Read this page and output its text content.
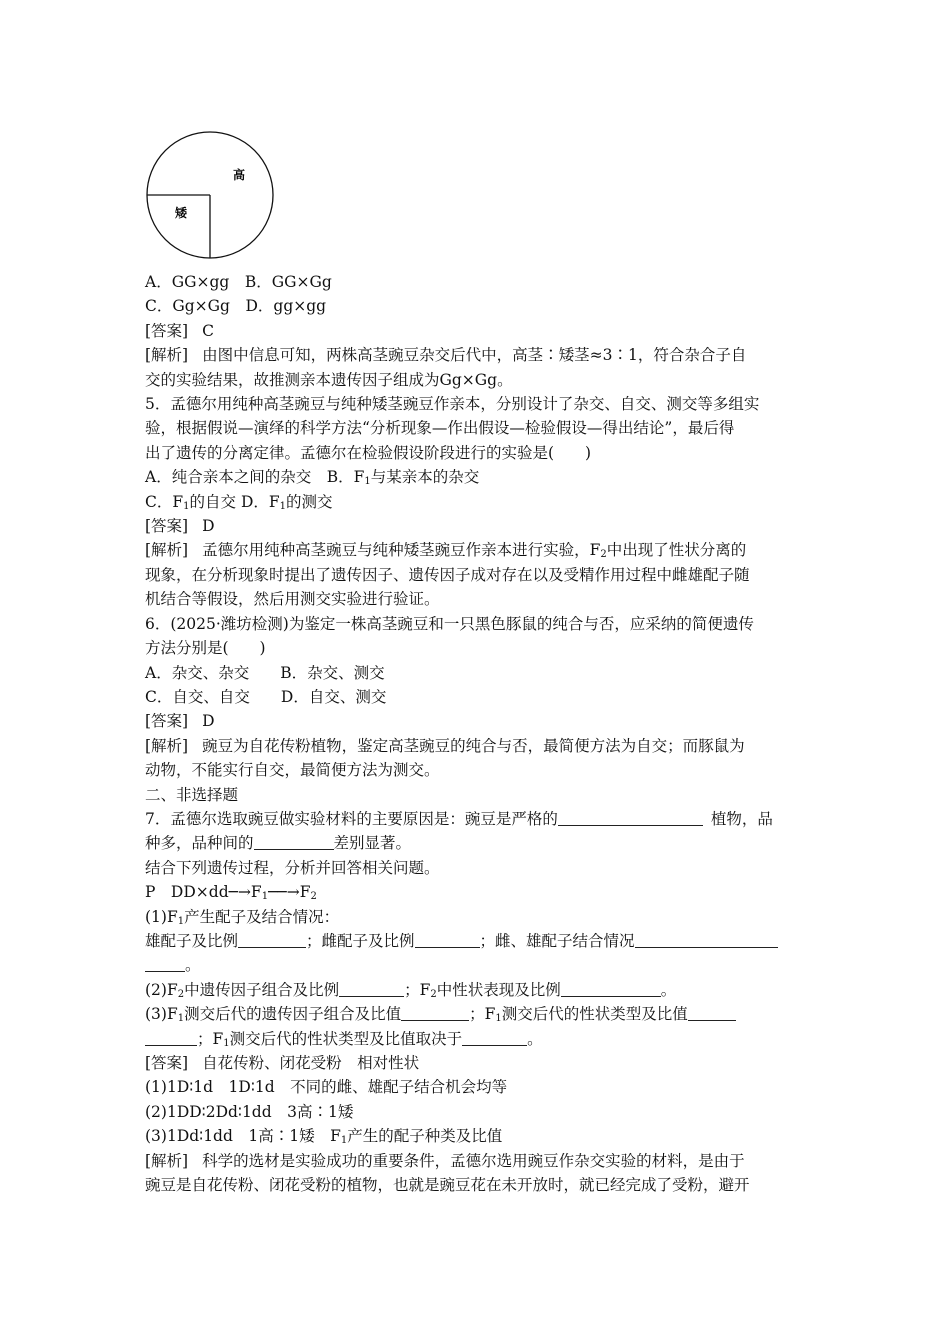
高
矮
A．GG×gg　 B．GG×Gg
C．Gg×Gg　 D．gg×gg
[答案] C
[解析] 由图中信息可知，两株高茎豌豆杂交后代中，高茎∶矮茎≈3∶1，符合杂合子自
交的实验结果，故推测亲本遗传因子组成为Gg×Gg。
5．孟德尔用纯种高茎豌豆与纯种矮茎豌豆作亲本，分别设计了杂交、自交、测交等多组实
验，根据假说—演绎的科学方法“分析现象—作出假设—检验假设—得出结论”，最后得
出了遗传的分离定律。孟德尔在检验假设阶段进行的实验是(　　)
A．纯合亲本之间的杂交　 B．$F_1$与某亲本的杂交
C．$F_1$的自交 D．$F_1$的测交
[答案] D
[解析] 孟德尔用纯种高茎豌豆与纯种矮茎豌豆作亲本进行实验，$F_2$中出现了性状分离的
现象，在分析现象时提出了遗传因子、遗传因子成对存在以及受精作用过程中雌雄配子随
机结合等假设，然后用测交实验进行验证。
6．(2025·潍坊检测)为鉴定一株高茎豌豆和一只黑色豚鼠的纯合与否，应采纳的简便遗传
方法分别是(　　)
A．杂交、杂交　　 B．杂交、测交
C．自交、自交　　 D．自交、测交
[答案] D
[解析] 豌豆为自花传粉植物，鉴定高茎豌豆的纯合与否，最简便方法为自交；而豚鼠为
动物，不能实行自交，最简便方法为测交。
二、非选择题
7．孟德尔选取豌豆做实验材料的主要原因是：豌豆是严格的	植物，品
种多，品种间的	差别显著。
结合下列遗传过程，分析并回答相关问题。
P　$DD\times dd─\to F_1──\to F_2$
$(1)F_1$产生配子及结合情况：
雄配子及比例	；雌配子及比例	；雌、雄配子结合情况
。
$(2)F_2$中遗传因子组合及比例	；$F_2$中性状表现及比例	。
$(3)F_1$测交后代的遗传因子组合及比值	；$F_1$测交后代的性状类型及比值
；$F_1$测交后代的性状类型及比值取决于	。
[答案] 自花传粉、闭花受粉　相对性状
(1)1D∶1d　1D∶1d　不同的雌、雄配子结合机会均等
(2)1DD∶2Dd∶1dd　3高∶1矮
(3)1Dd∶1dd　1高∶1矮　$F_1$产生的配子种类及比值
[解析] 科学的选材是实验成功的重要条件，孟德尔选用豌豆作杂交实验的材料，是由于
豌豆是自花传粉、闭花受粉的植物，也就是豌豆花在未开放时，就已经完成了受粉，避开
